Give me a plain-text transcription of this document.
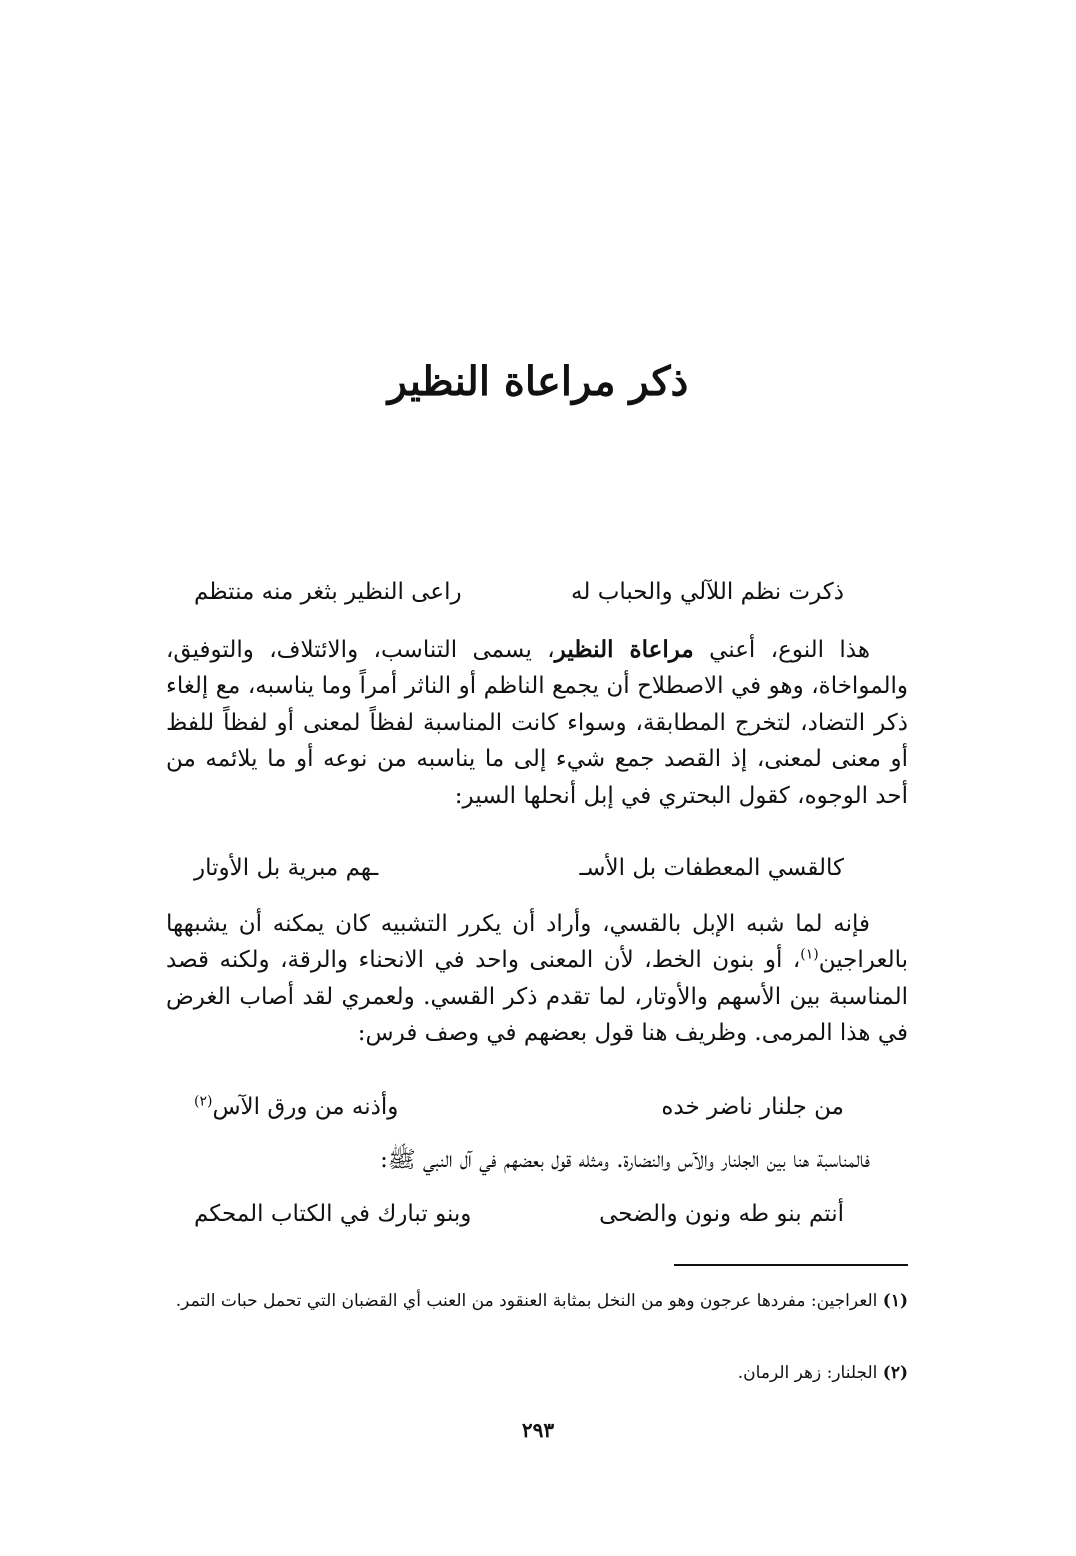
ذكر مراعاة النظير
ذكرت نظم اللآلي والحباب له
راعى النظير بثغر منه منتظم

هذا النوع، أعني مراعاة النظير، يسمى التناسب، والائتلاف، والتوفيق، والمواخاة، وهو في الاصطلاح أن يجمع الناظم أو الناثر أمراً وما يناسبه، مع إلغاء ذكر التضاد، لتخرج المطابقة، وسواء كانت المناسبة لفظاً لمعنى أو لفظاً للفظ أو معنى لمعنى، إذ القصد جمع شيء إلى ما يناسبه من نوعه أو ما يلائمه من أحد الوجوه، كقول البحتري في إبل أنحلها السير:

كالقسي المعطفات بل الأسـ
ـهم مبرية بل الأوتار

فإنه لما شبه الإبل بالقسي، وأراد أن يكرر التشبيه كان يمكنه أن يشبهها بالعراجين$^{(١)}$، أو بنون الخط، لأن المعنى واحد في الانحناء والرقة، ولكنه قصد المناسبة بين الأسهم والأوتار، لما تقدم ذكر القسي. ولعمري لقد أصاب الغرض في هذا المرمى. وظريف هنا قول بعضهم في وصف فرس:

من جلنار ناضر خده
وأذنه من ورق الآس$^{(٢)}$

فالمناسبة هنا بين الجلنار والآس والنضارة. ومثله قول بعضهم في آل النبي ﷺ:

أنتم بنو طه ونون والضحى
وبنو تبارك في الكتاب المحكم

(١) العراجين: مفردها عرجون وهو من النخل بمثابة العنقود من العنب أي القضبان التي تحمل حبات التمر.

(٢) الجلنار: زهر الرمان.

٢٩٣
